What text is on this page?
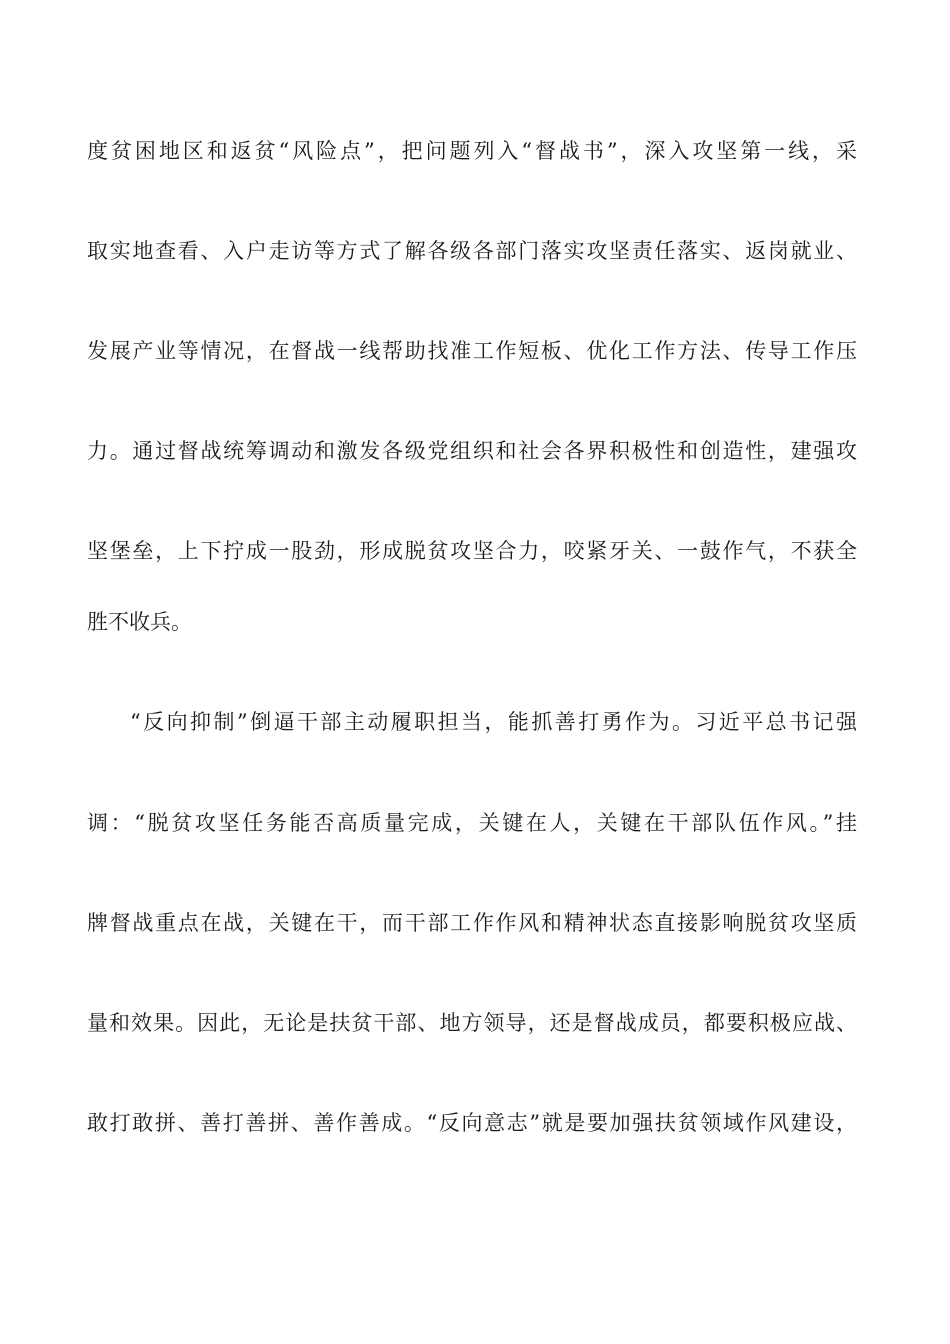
度贫困地区和返贫“风险点”，把问题列入“督战书”，深入攻坚第一线，采
取实地查看、入户走访等方式了解各级各部门落实攻坚责任落实、返岗就业、
发展产业等情况，在督战一线帮助找准工作短板、优化工作方法、传导工作压
力。通过督战统筹调动和激发各级党组织和社会各界积极性和创造性，建强攻
坚堡垒，上下拧成一股劲，形成脱贫攻坚合力，咬紧牙关、一鼓作气，不获全
胜不收兵。
“反向抑制”倒逼干部主动履职担当，能抓善打勇作为。习近平总书记强
调：“脱贫攻坚任务能否高质量完成，关键在人，关键在干部队伍作风。”挂
牌督战重点在战，关键在干，而干部工作作风和精神状态直接影响脱贫攻坚质
量和效果。因此，无论是扶贫干部、地方领导，还是督战成员，都要积极应战、
敢打敢拼、善打善拼、善作善成。“反向意志”就是要加强扶贫领域作风建设，
